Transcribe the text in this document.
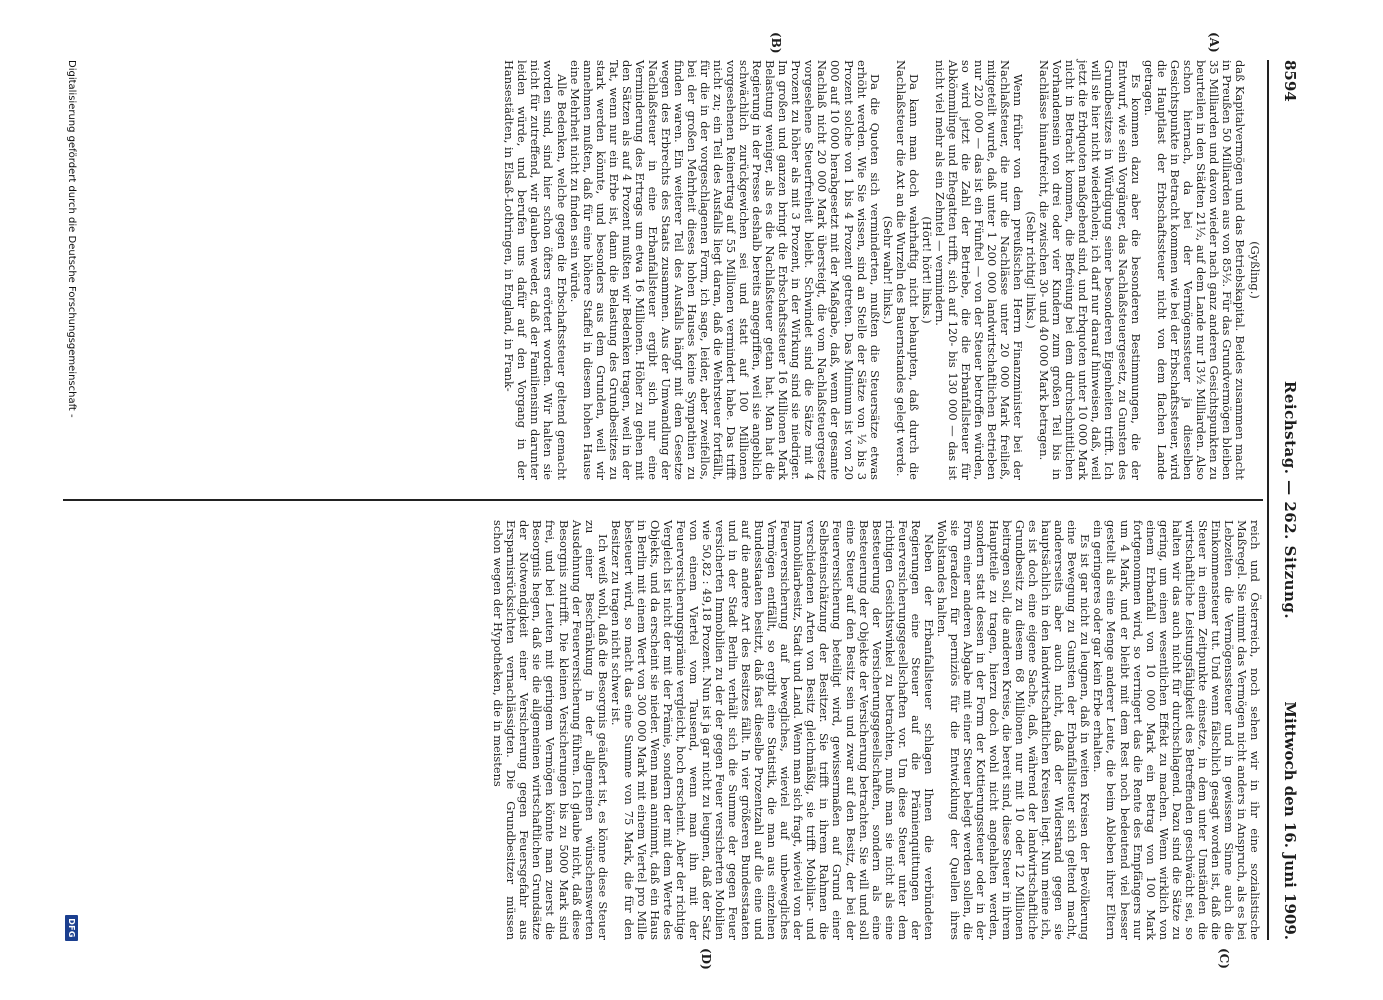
8594
Reichstag. — 262. Sitzung.
Mittwoch den 16. Juni 1909.
(A)
(B)
(C)
(D)

(Gyßling.)

daß Kapitalvermögen und das Betriebskapital. Beides zusammen macht in Preußen 50 Milliarden aus von 85½. Für das Grundvermögen bleiben 35 Milliarden und davon wieder nach ganz anderen Gesichtspunkten zu beurteilen in den Städten 21½, auf dem Lande nur 13½ Milliarden. Also schon hiernach, da bei der Vermögenssteuer ja dieselben Gesichtspunkte in Betracht kommen wie bei der Erbschaftssteuer, wird die Hauptlast der Erbschaftssteuer nicht von dem flachen Lande getragen.

Es kommen dazu aber die besonderen Bestimmungen, die der Entwurf, wie sein Vorgänger, das Nachlaßsteuergesetz, zu Gunsten des Grundbesitzes in Würdigung seiner besonderen Eigenheiten trifft. Ich will sie hier nicht wiederholen; ich darf nur darauf hinweisen, daß, weil jetzt die Erbquoten maßgebend sind, und Erbquoten unter 10 000 Mark nicht in Betracht kommen, die Befreiung bei dem durchschnittlichen Vorhandensein von drei oder vier Kindern zum großen Teil bis in Nachlässe hinaufreicht, die zwischen 30- und 40 000 Mark betragen.

(Sehr richtig! links.)

Wenn früher von dem preußischen Herrn Finanzminister bei der Nachlaßsteuer, die nur die Nachlässe unter 20 000 Mark freiließ, mitgeteilt wurde, daß unter 1 200 000 landwirtschaftlichen Betrieben nur 220 000 — das ist ein Fünftel — von der Steuer betroffen würden, so wird jetzt die Zahl der Betriebe, die die Erbanfallsteuer für Abkömmlinge und Ehegatten trifft, sich auf 120- bis 130 000 — das ist nicht viel mehr als ein Zehntel — vermindern.

(Hört! hört! links.)

Da kann man doch wahrhaftig nicht behaupten, daß durch die Nachlaßsteuer die Axt an die Wurzeln des Bauernstandes gelegt werde.

(Sehr wahr! links.)

Da die Quoten sich verminderten, mußten die Steuersätze etwas erhöht werden. Wie Sie wissen, sind an Stelle der Sätze von ½ bis 3 Prozent solche von 1 bis 4 Prozent getreten. Das Minimum ist von 20 000 auf 10 000 herabgesetzt mit der Maßgabe, daß, wenn der gesamte Nachlaß nicht 20 000 Mark übersteigt, die vom Nachlaßsteuergesetz vorgesehene Steuerfreiheit bleibt. Schwindet sind die Sätze mit 4 Prozent zu höher als mit 3 Prozent, in der Wirkung sind sie niedriger. Im großen und ganzen bringt die Erbschaftssteuer 16 Millionen Mark Belastung weniger, als es die Nachlaßsteuer getan hat. Man hat die Regierung in der Presse deshalb bereits angegriffen, weil sie angeblich schwächlich zurückgewichen sei und statt auf 100 Millionen vorgesehenen Reinertrag auf 55 Millionen vermindert habe. Das trifft nicht zu; ein Teil des Ausfalls liegt daran, daß die Wehrsteuer fortfällt, für die in der vorgeschlagenen Form, ich sage, leider, aber zweifellos, bei der großen Mehrheit dieses hohen Hauses keine Sympathien zu finden waren. Ein weiterer Teil des Ausfalls hängt mit dem Gesetze wegen des Erbrechts des Staats zusammen. Aus der Umwandlung der Nachlaßsteuer in eine Erbanfallsteuer ergibt sich nur eine Verminderung des Ertrags um etwa 16 Millionen. Höher zu gehen mit den Sätzen als auf 4 Prozent mußten wir Bedenken tragen, weil in der Tat, wenn nur ein Erbe ist, dann die Belastung des Grundbesitzes zu stark werden könnte, und besonders aus dem Grunden, weil wir annehmen mußten, daß für eine höhere Staffel in diesem hohen Hause eine Mehrheit nicht zu finden sein würde.

Alle Bedenken, welche gegen die Erbschaftssteuer geltend gemacht worden sind, sind hier schon öfters erörtert worden. Wir halten sie nicht für zutreffend, wir glauben weder, daß der Familiensinn darunter leiden würde, und berufen uns dafür auf den Vorgang in der Hansestädten, in Elsaß-Lothringen, in England, in Frank-

reich und Österreich, noch sehen wir in ihr eine sozialistische Maßregel. Sie nimmt das Vermögen nicht anders in Anspruch, als es bei Lebzeiten die Vermögenssteuer und in gewissem Sinne auch die Einkommensteuer tut. Und wenn fälschlich gesagt worden ist, daß die Steuer in einem Zeitpunkte einsetze, in dem unter Umständen die wirtschaftliche Leistungsfähigkeit des Betreffenden geschwächt sei, so halten wir das auch nicht für durchschlagend. Dazu sind die Sätze zu gering, um einen wesentlichen Effekt zu machen. Wenn wirklich von einem Erbanfall von 10 000 Mark ein Betrag von 100 Mark fortgenommen wird, so verringert das die Rente des Empfängers nur um 4 Mark, und er bleibt mit dem Rest noch bedeutend viel besser gestellt als eine Menge anderer Leute, die beim Ableben ihrer Eltern ein geringeres oder gar kein Erbe erhalten.

Es ist gar nicht zu leugnen, daß in weiten Kreisen der Bevölkerung eine Bewegung zu Gunsten der Erbanfallsteuer sich geltend macht, andererseits aber auch nicht, daß der Widerstand gegen sie hauptsächlich in den landwirtschaftlichen Kreisen liegt. Nun meine ich, es ist doch eine eigene Sache, daß, während der landwirtschaftliche Grundbesitz zu diesem 68 Millionen nur mit 10 oder 12 Millionen beitragen soll, die anderen Kreise, die bereit sind, diese Steuer in ihrem Hauptteile zu tragen, hierzu doch wohl nicht angehalten werden, sondern statt dessen in der Form der Kottierungssteuer oder in der Form einer anderen Abgabe mit einer Steuer belegt werden sollen, die sie geradezu für perniziös für die Entwicklung der Quellen ihres Wohlstandes halten.

Neben der Erbanfallsteuer schlagen Ihnen die verbündeten Regierungen eine Steuer auf die Prämienquittungen der Feuerversicherungsgesellschaften vor. Um diese Steuer unter dem richtigen Gesichtswinkel zu betrachten, muß man sie nicht als eine Besteuerung der Versicherungsgesellschaften, sondern als eine Besteuerung der Objekte der Versicherung betrachten. Sie will und soll eine Steuer auf den Besitz sein und zwar auf den Besitz, der bei der Feuerversicherung beteiligt wird, gewissermaßen auf Grund einer Selbsteinschätzung der Besitzer. Sie trifft in ihrem Rahmen die verschiedenen Arten von Besitz gleichmäßig, sie trifft Mobiliar- und Immobiliarbesitz, Stadt und Land. Wenn man sich fragt, wieviel von der Feuerversicherung auf bewegliches, wieviel auf unbewegliches Vermögen entfällt, so ergibt eine Statistik, die man aus einzelnen Bundesstaaten besitzt, daß fast dieselbe Prozentzahl auf die eine und auf die andere Art des Besitzes fällt. In vier größeren Bundesstaaten und in der Stadt Berlin verhält sich die Summe der gegen Feuer versicherten Immobilien zu der der gegen Feuer versicherten Mobilien wie 50,82 : 49,18 Prozent. Nun ist ja gar nicht zu leugnen, daß der Satz von einem Viertel vom Tausend, wenn man ihn mit der Feuerversicherungsprämie vergleicht, hoch erscheint. Aber der richtige Vergleich ist nicht der mit der Prämie, sondern der mit dem Werte des Objekts, und da erscheint sie nieder. Wenn man annimmt, daß ein Haus in Berlin mit einem Wert von 300 000 Mark mit einem Viertel pro Mille besteuert wird, so macht das eine Summe von 75 Mark, die für den Besitzer zu tragen nicht schwer ist.

Ich weiß wohl, daß die Besorgnis geäußert ist, es könne diese Steuer zu einer Beschränkung in der allgemeinen wünschenswerten Ausdehnung der Feuerversicherung führen. Ich glaube nicht, daß diese Besorgnis zutrifft. Die kleinen Versicherungen bis zu 5000 Mark sind frei, und bei Leuten mit geringem Vermögen könnte man zuerst die Besorgnis hegen, daß sie die allgemeinen wirtschaftlichen Grundsätze der Notwendigkeit einer Versicherung gegen Feuersgefahr aus Ersparnisrücksichten vernachlässigten. Die Grundbesitzer müssen schon wegen der Hypotheken, die in meistens

Digitalisierung gefördert durch die Deutsche Forschungsgemeinschaft -
DFG
